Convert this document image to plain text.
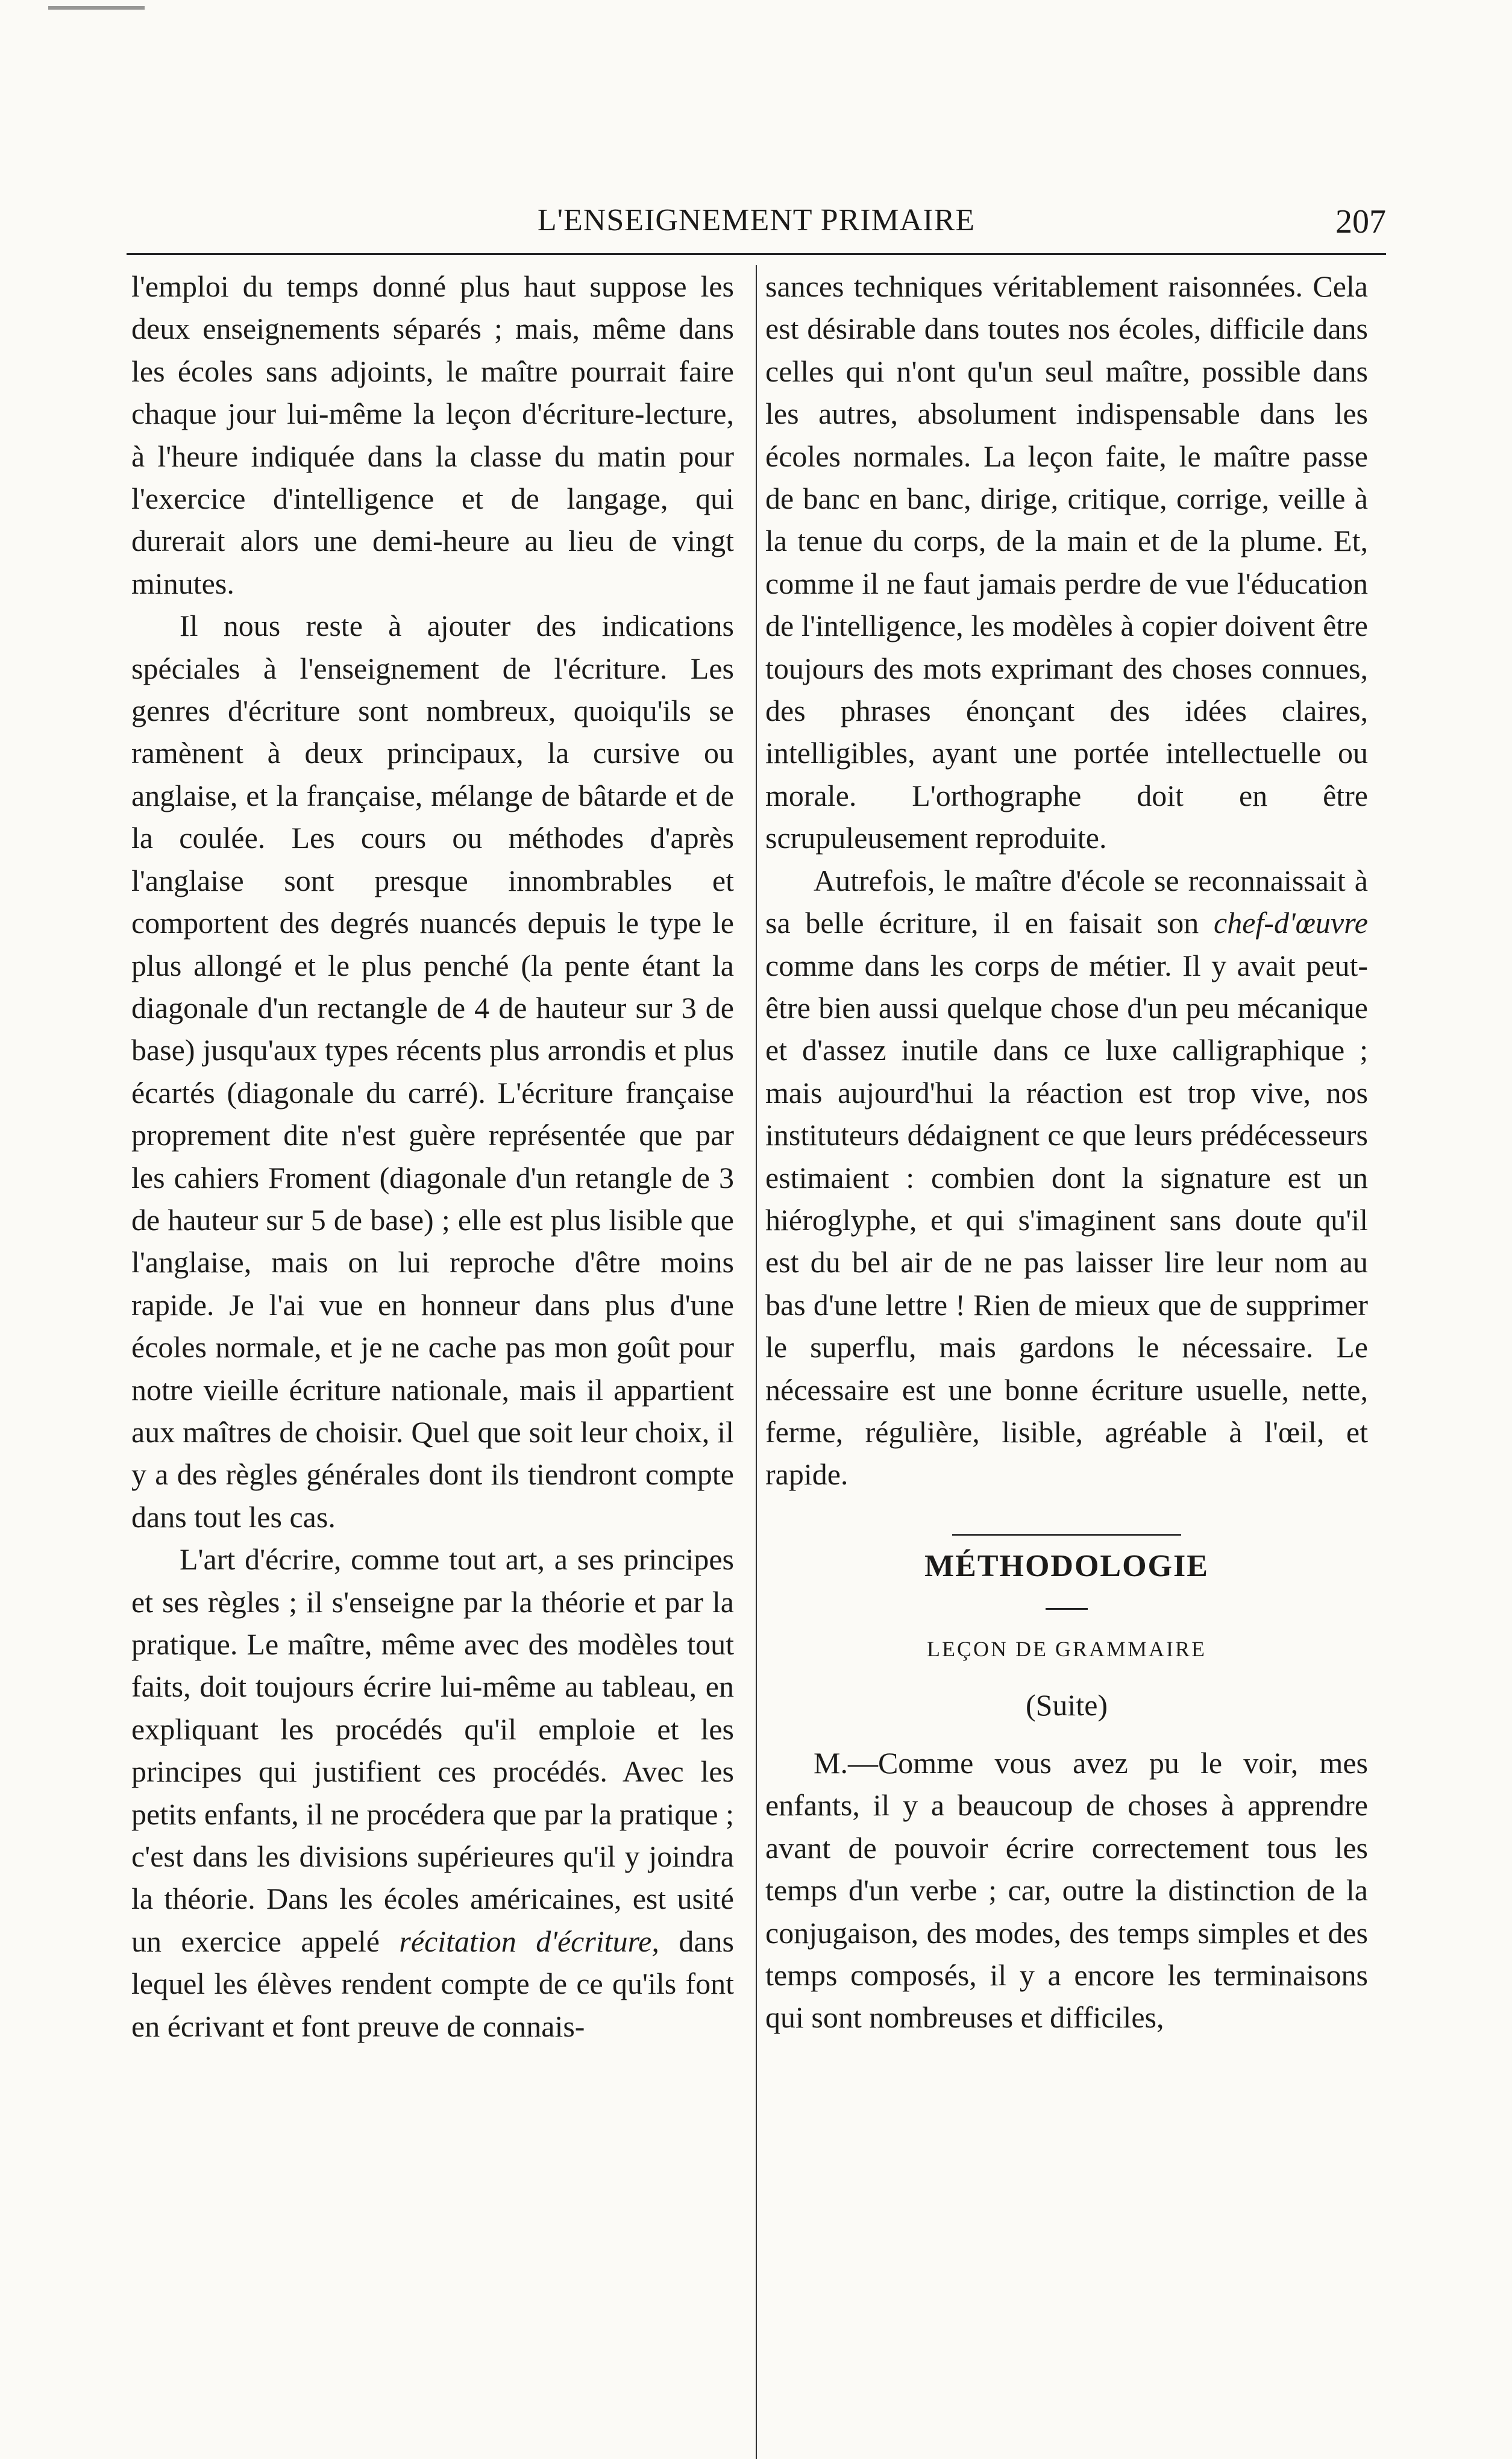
L'ENSEIGNEMENT PRIMAIRE	207

l'emploi du temps donné plus haut suppose les deux enseignements séparés ; mais, même dans les écoles sans adjoints, le maître pourrait faire chaque jour lui-même la leçon d'écriture-lecture, à l'heure indiquée dans la classe du matin pour l'exercice d'intelligence et de langage, qui durerait alors une demi-heure au lieu de vingt minutes.

Il nous reste à ajouter des indications spéciales à l'enseignement de l'écriture. Les genres d'écriture sont nombreux, quoiqu'ils se ramènent à deux principaux, la cursive ou anglaise, et la française, mélange de bâtarde et de la coulée. Les cours ou méthodes d'après l'anglaise sont presque innombrables et comportent des degrés nuancés depuis le type le plus allongé et le plus penché (la pente étant la diagonale d'un rectangle de 4 de hauteur sur 3 de base) jusqu'aux types récents plus arrondis et plus écartés (diagonale du carré). L'écriture française proprement dite n'est guère représentée que par les cahiers Froment (diagonale d'un retangle de 3 de hauteur sur 5 de base) ; elle est plus lisible que l'anglaise, mais on lui reproche d'être moins rapide. Je l'ai vue en honneur dans plus d'une écoles normale, et je ne cache pas mon goût pour notre vieille écriture nationale, mais il appartient aux maîtres de choisir. Quel que soit leur choix, il y a des règles générales dont ils tiendront compte dans tout les cas.

L'art d'écrire, comme tout art, a ses principes et ses règles ; il s'enseigne par la théorie et par la pratique. Le maître, même avec des modèles tout faits, doit toujours écrire lui-même au tableau, en expliquant les procédés qu'il emploie et les principes qui justifient ces procédés. Avec les petits enfants, il ne procédera que par la pratique ; c'est dans les divisions supérieures qu'il y joindra la théorie. Dans les écoles américaines, est usité un exercice appelé récitation d'écriture, dans lequel les élèves rendent compte de ce qu'ils font en écrivant et font preuve de connais-

sances techniques véritablement raisonnées. Cela est désirable dans toutes nos écoles, difficile dans celles qui n'ont qu'un seul maître, possible dans les autres, absolument indispensable dans les écoles normales. La leçon faite, le maître passe de banc en banc, dirige, critique, corrige, veille à la tenue du corps, de la main et de la plume. Et, comme il ne faut jamais perdre de vue l'éducation de l'intelligence, les modèles à copier doivent être toujours des mots exprimant des choses connues, des phrases énonçant des idées claires, intelligibles, ayant une portée intellectuelle ou morale. L'orthographe doit en être scrupuleusement reproduite.

Autrefois, le maître d'école se reconnaissait à sa belle écriture, il en faisait son chef-d'œuvre comme dans les corps de métier. Il y avait peut-être bien aussi quelque chose d'un peu mécanique et d'assez inutile dans ce luxe calligraphique ; mais aujourd'hui la réaction est trop vive, nos instituteurs dédaignent ce que leurs prédécesseurs estimaient : combien dont la signature est un hiéroglyphe, et qui s'imaginent sans doute qu'il est du bel air de ne pas laisser lire leur nom au bas d'une lettre ! Rien de mieux que de supprimer le superflu, mais gardons le nécessaire. Le nécessaire est une bonne écriture usuelle, nette, ferme, régulière, lisible, agréable à l'œil, et rapide.

MÉTHODOLOGIE
LEÇON DE GRAMMAIRE
(Suite)

M.—Comme vous avez pu le voir, mes enfants, il y a beaucoup de choses à apprendre avant de pouvoir écrire correctement tous les temps d'un verbe ; car, outre la distinction de la conjugaison, des modes, des temps simples et des temps composés, il y a encore les terminaisons qui sont nombreuses et difficiles,
